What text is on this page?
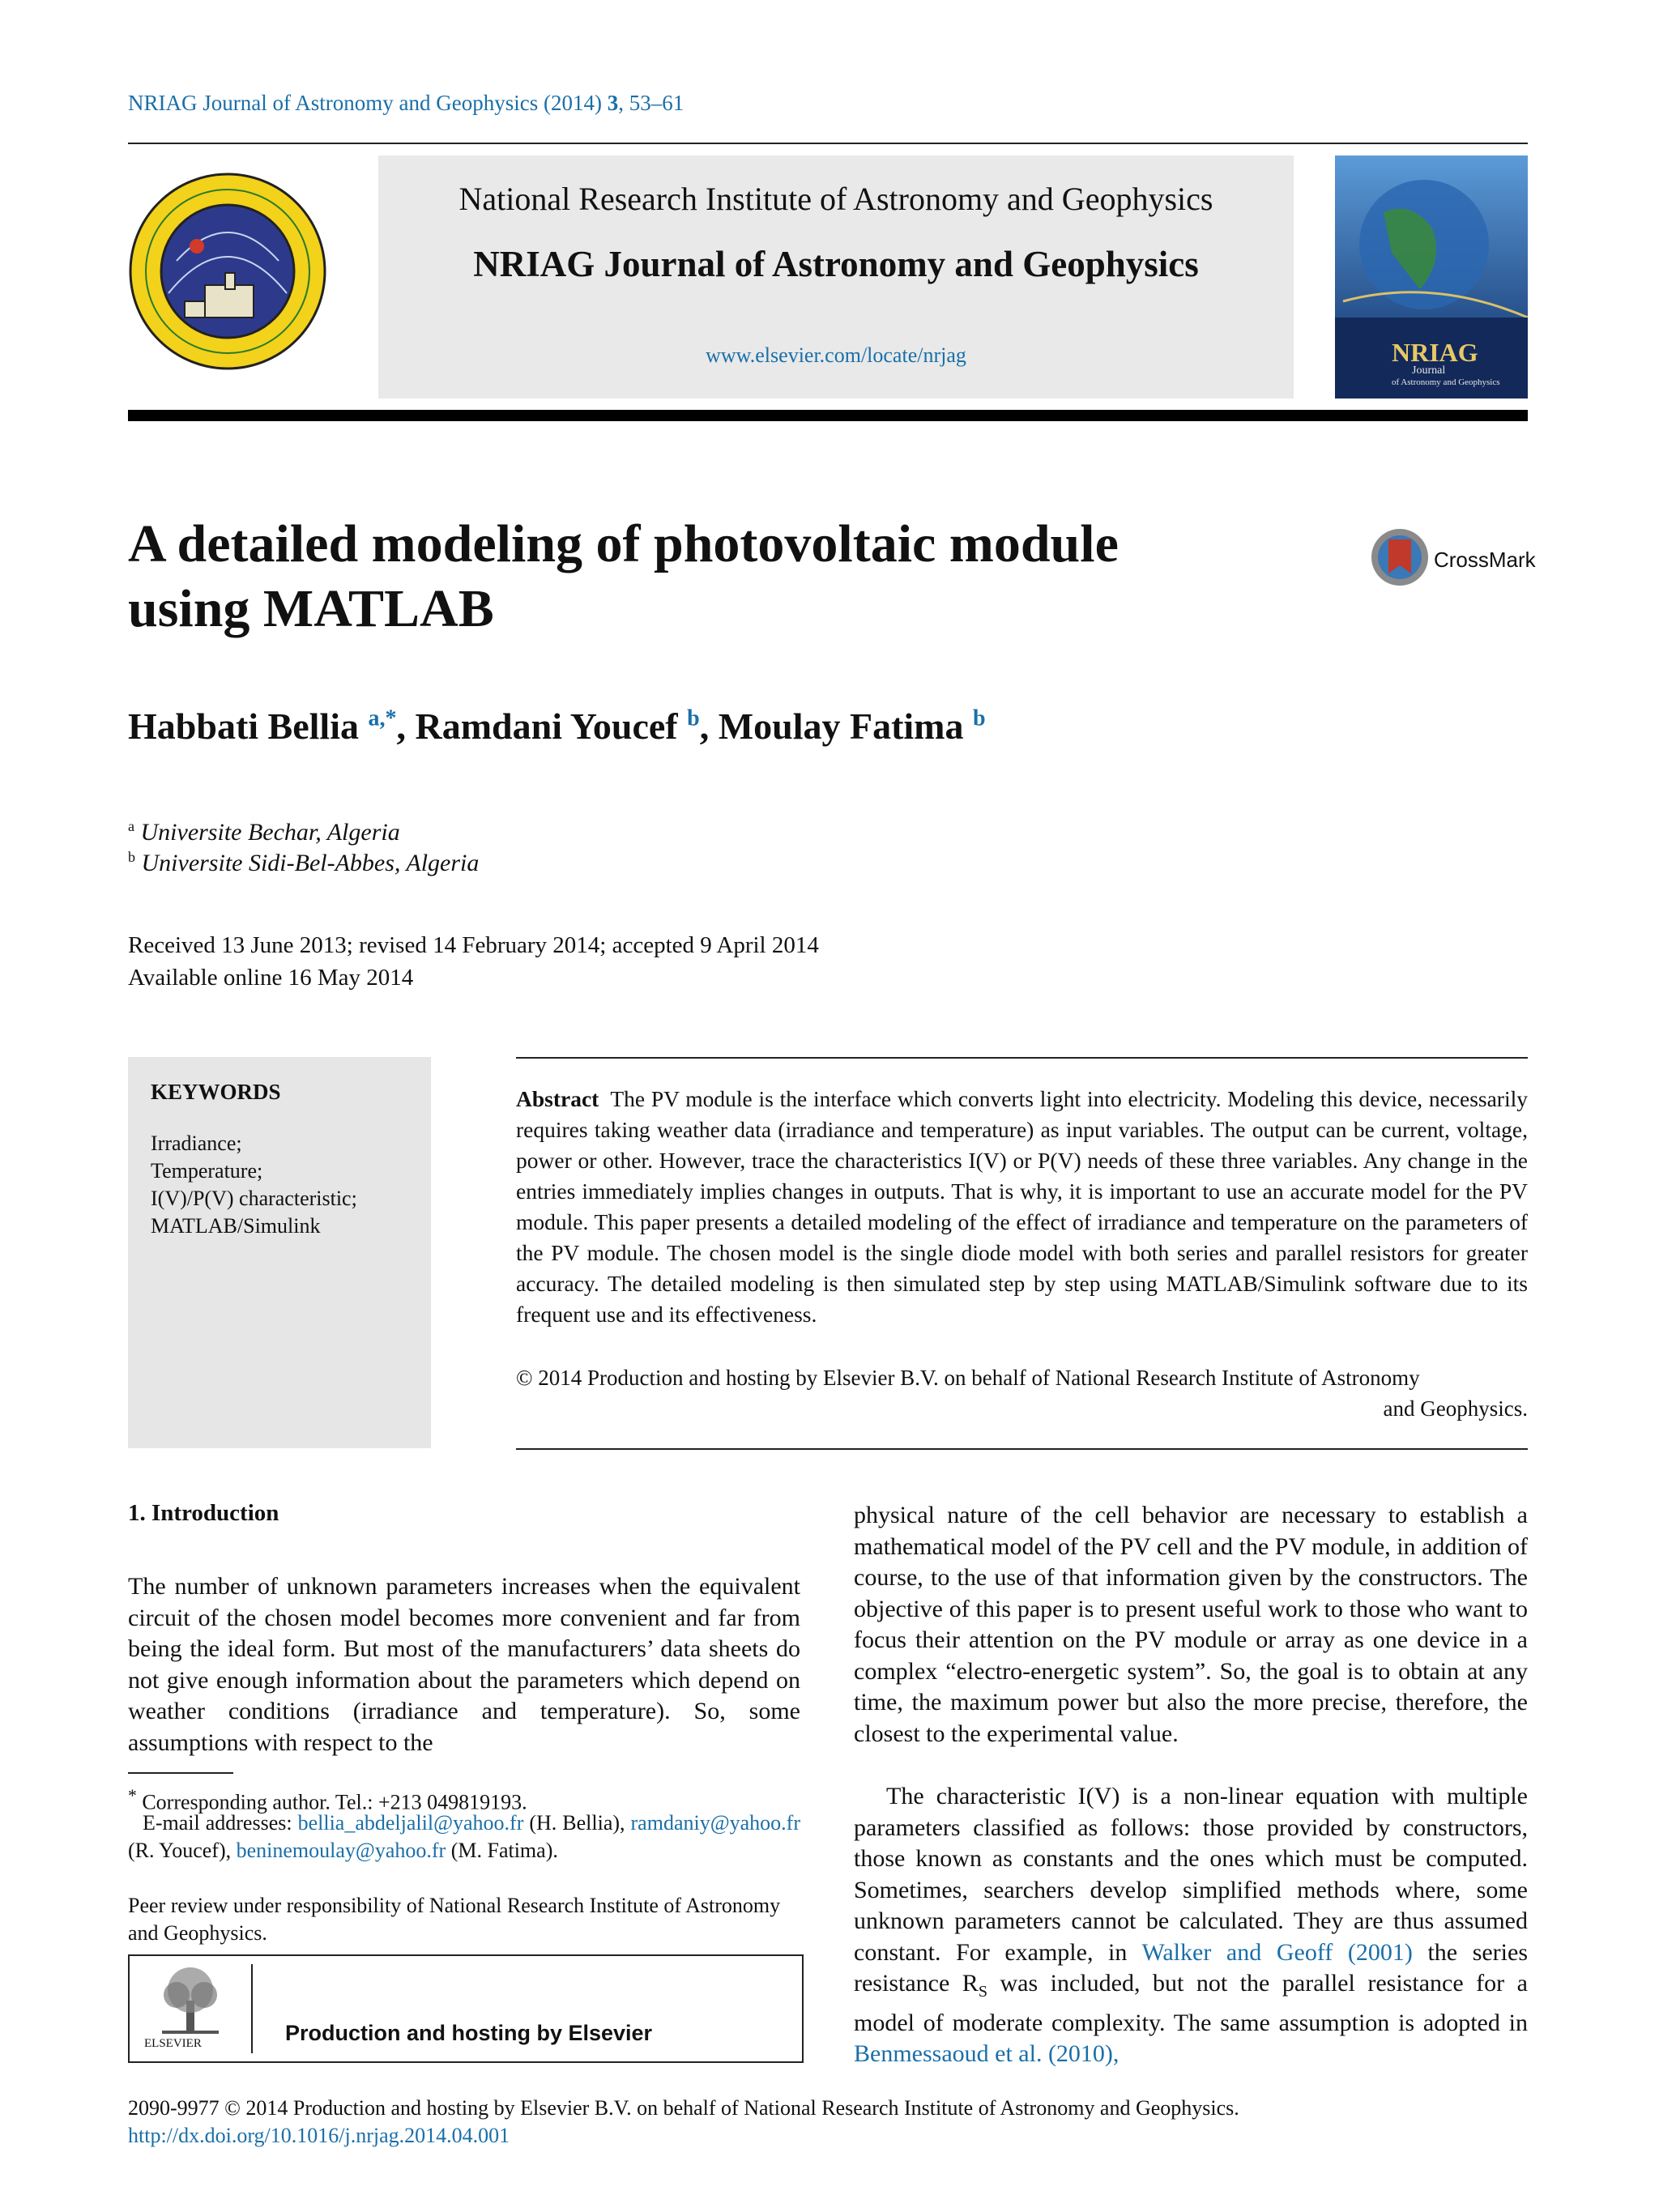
NRIAG Journal of Astronomy and Geophysics (2014) 3, 53–61
National Research Institute of Astronomy and Geophysics
NRIAG Journal of Astronomy and Geophysics
www.elsevier.com/locate/nrjag	NRIAG
Journal
of Astronomy and Geophysics
A detailed modeling of photovoltaic module
using MATLAB
CrossMark
Habbati Bellia $^{a,*}$, Ramdani Youcef $^b$, Moulay Fatima $^b$
$^a$ Universite Bechar, Algeria
$^b$ Universite Sidi-Bel-Abbes, Algeria
Received 13 June 2013; revised 14 February 2014; accepted 9 April 2014
Available online 16 May 2014
KEYWORDS
Irradiance;
Temperature;
I(V)/P(V) characteristic;
MATLAB/Simulink
Abstract The PV module is the interface which converts light into electricity. Modeling this device, necessarily requires taking weather data (irradiance and temperature) as input variables. The output can be current, voltage, power or other. However, trace the characteristics I(V) or P(V) needs of these three variables. Any change in the entries immediately implies changes in outputs. That is why, it is important to use an accurate model for the PV module. This paper presents a detailed modeling of the effect of irradiance and temperature on the parameters of the PV module. The chosen model is the single diode model with both series and parallel resistors for greater accuracy. The detailed modeling is then simulated step by step using MATLAB/Simulink software due to its frequent use and its effectiveness.
© 2014 Production and hosting by Elsevier B.V. on behalf of National Research Institute of Astronomy
and Geophysics.
1. Introduction
The number of unknown parameters increases when the equivalent circuit of the chosen model becomes more convenient and far from being the ideal form. But most of the manufacturers’ data sheets do not give enough information about the parameters which depend on weather conditions (irradiance and temperature). So, some assumptions with respect to the
physical nature of the cell behavior are necessary to establish a mathematical model of the PV cell and the PV module, in addition of course, to the use of that information given by the constructors. The objective of this paper is to present useful work to those who want to focus their attention on the PV module or array as one device in a complex “electro-energetic system”. So, the goal is to obtain at any time, the maximum power but also the more precise, therefore, the closest to the experimental value.
The characteristic I(V) is a non-linear equation with multiple parameters classified as follows: those provided by constructors, those known as constants and the ones which must be computed. Sometimes, searchers develop simplified methods where, some unknown parameters cannot be calculated. They are thus assumed constant. For example, in Walker and Geoff (2001) the series resistance $R_S$ was included, but not the parallel resistance for a model of moderate complexity. The same assumption is adopted in Benmessaoud et al. (2010),
* Corresponding author. Tel.: +213 049819193.
E-mail addresses: bellia_abdeljalil@yahoo.fr (H. Bellia), ramdaniy@yahoo.fr (R. Youcef), beninemoulay@yahoo.fr (M. Fatima).
Peer review under responsibility of National Research Institute of Astronomy and Geophysics.
ELSEVIER	Production and hosting by Elsevier
2090-9977 © 2014 Production and hosting by Elsevier B.V. on behalf of National Research Institute of Astronomy and Geophysics.
http://dx.doi.org/10.1016/j.nrjag.2014.04.001
